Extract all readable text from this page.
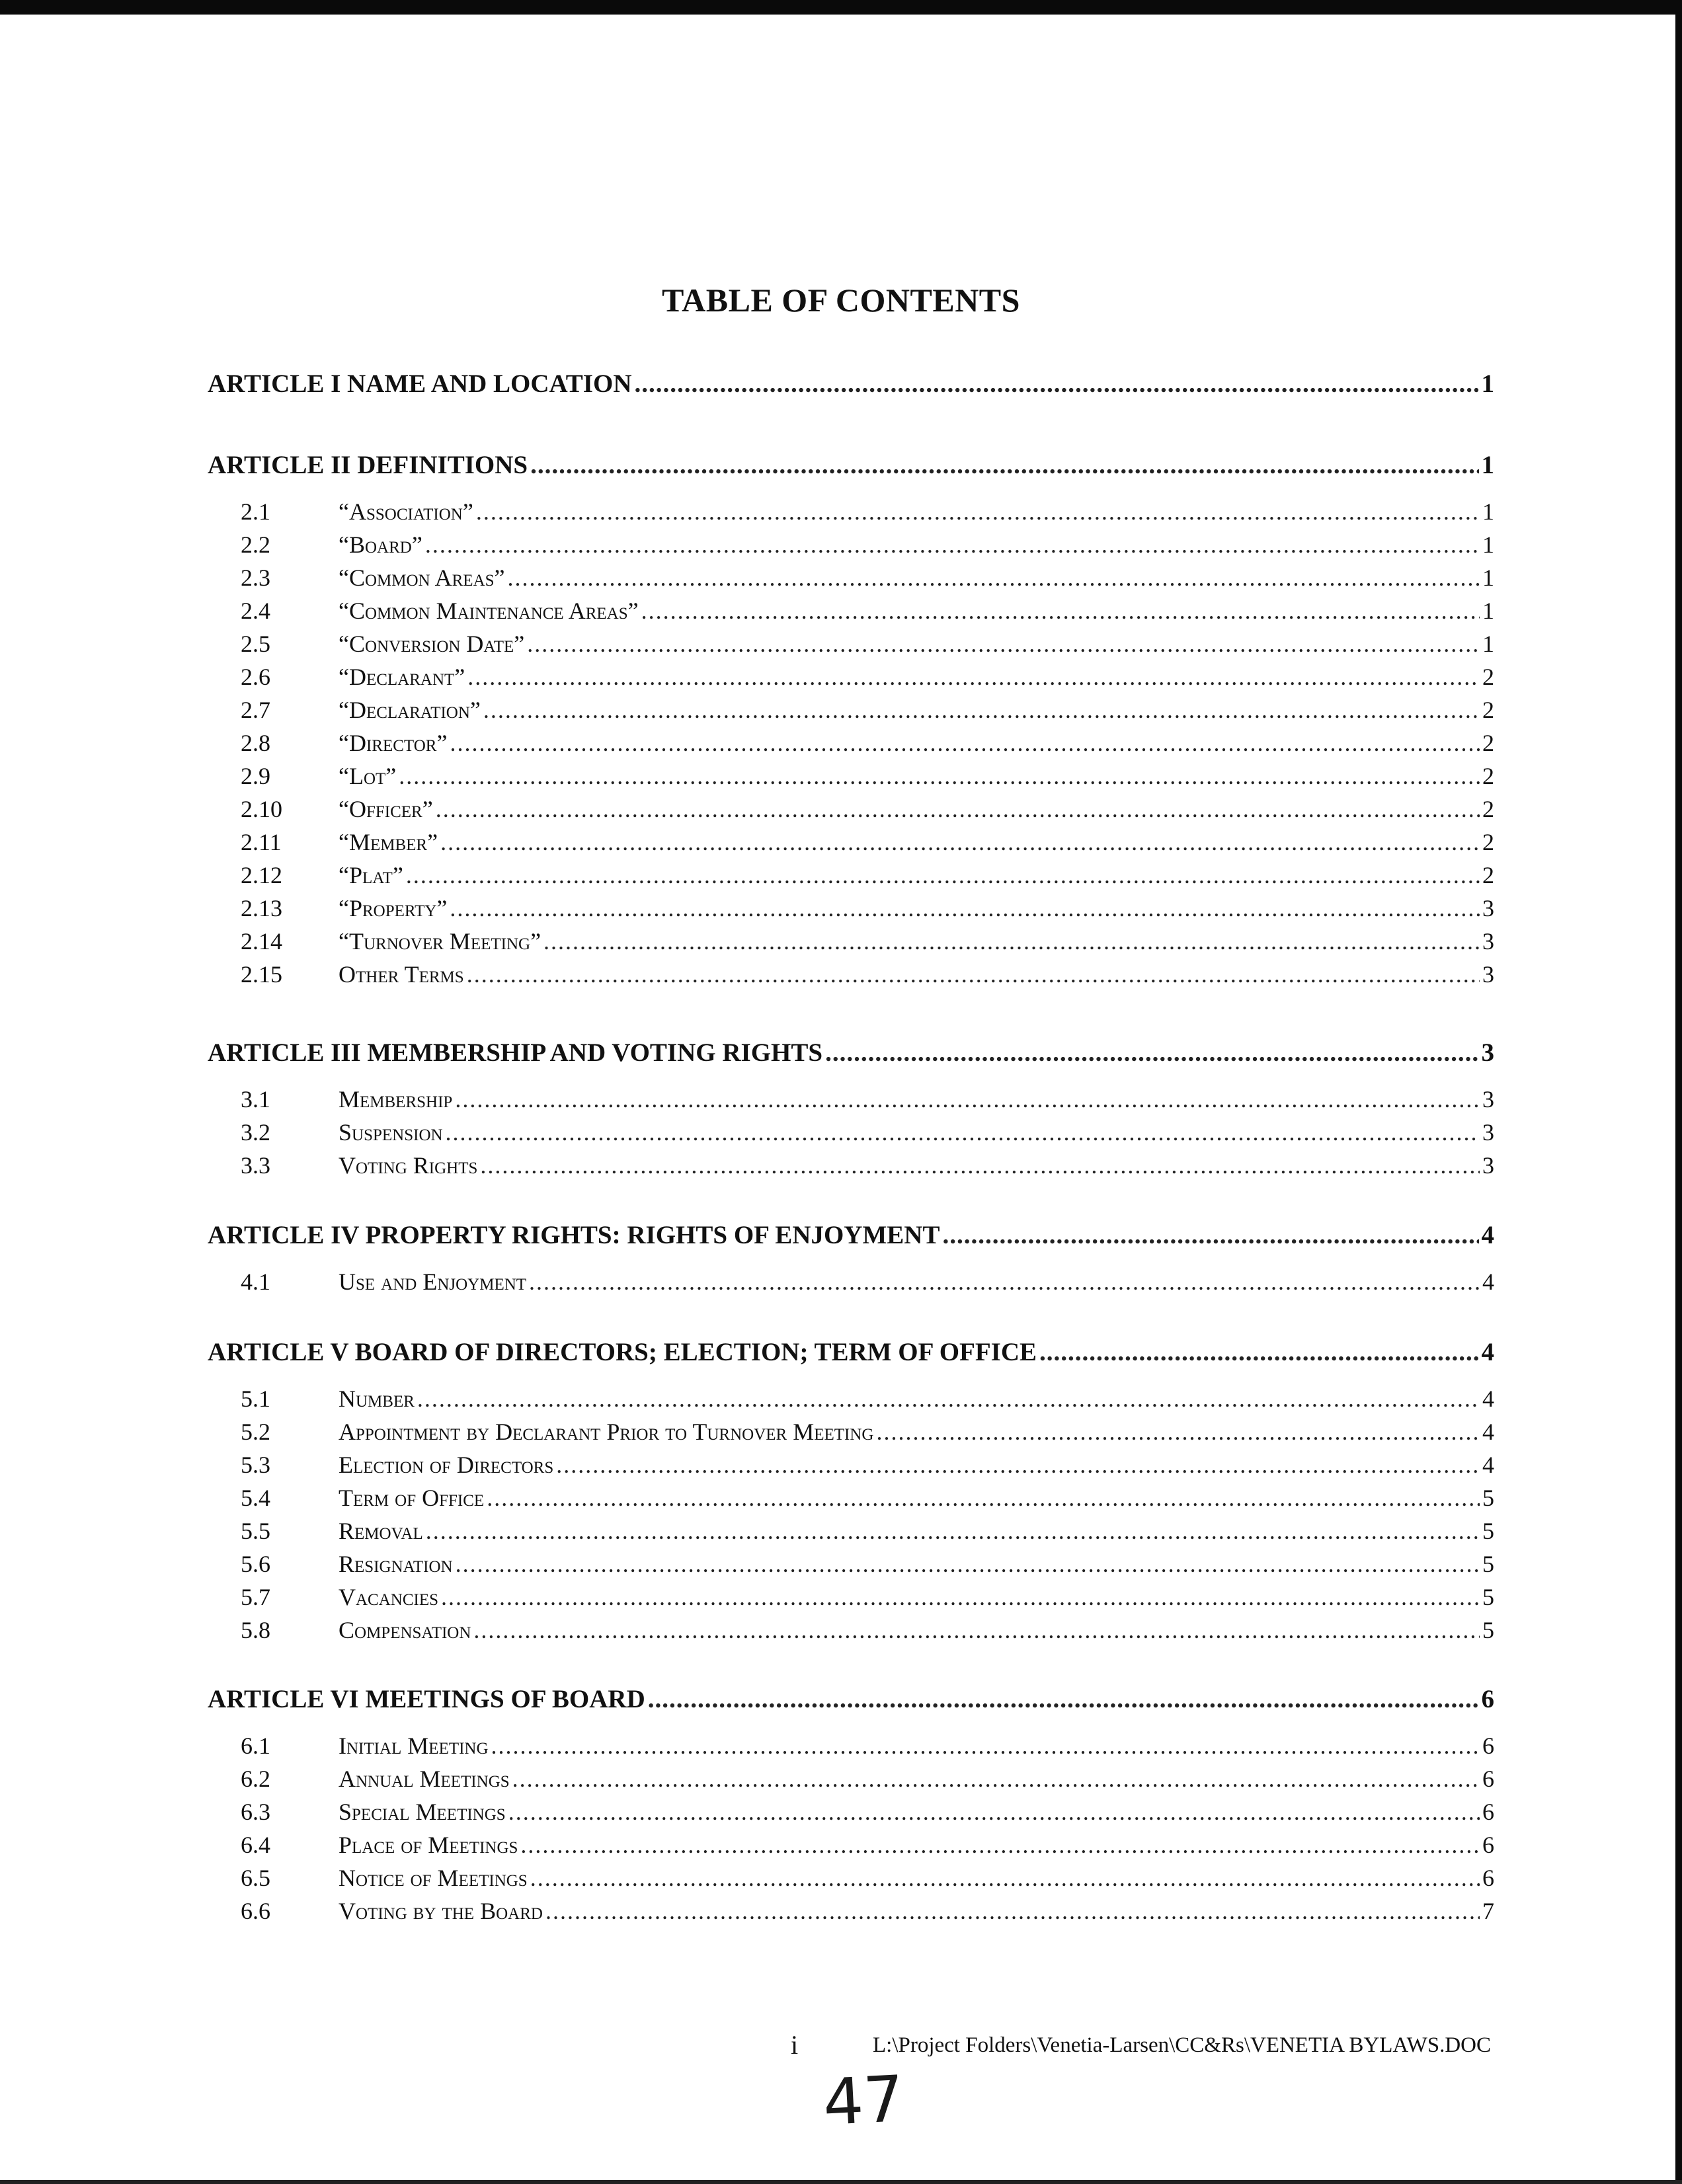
TABLE OF CONTENTS
ARTICLE I NAME AND LOCATION .....	1
ARTICLE II DEFINITIONS .....	1
2.1	“Association” .....	1
2.2	“Board” .....	1
2.3	“Common Areas” .....	1
2.4	“Common Maintenance Areas” .....	1
2.5	“Conversion Date” .....	1
2.6	“Declarant” .....	2
2.7	“Declaration” .....	2
2.8	“Director” .....	2
2.9	“Lot” .....	2
2.10	“Officer” .....	2
2.11	“Member” .....	2
2.12	“Plat” .....	2
2.13	“Property” .....	3
2.14	“Turnover Meeting” .....	3
2.15	Other Terms .....	3
ARTICLE III MEMBERSHIP AND VOTING RIGHTS .....	3
3.1	Membership .....	3
3.2	Suspension .....	3
3.3	Voting Rights .....	3
ARTICLE IV PROPERTY RIGHTS: RIGHTS OF ENJOYMENT .....	4
4.1	Use and Enjoyment .....	4
ARTICLE V BOARD OF DIRECTORS; ELECTION; TERM OF OFFICE .....	4
5.1	Number .....	4
5.2	Appointment by Declarant Prior to Turnover Meeting .....	4
5.3	Election of Directors .....	4
5.4	Term of Office .....	5
5.5	Removal .....	5
5.6	Resignation .....	5
5.7	Vacancies .....	5
5.8	Compensation .....	5
ARTICLE VI MEETINGS OF BOARD .....	6
6.1	Initial Meeting .....	6
6.2	Annual Meetings .....	6
6.3	Special Meetings .....	6
6.4	Place of Meetings .....	6
6.5	Notice of Meetings .....	6
6.6	Voting by the Board .....	7
i	L:\Project Folders\Venetia-Larsen\CC&Rs\VENETIA BYLAWS.DOC
47
